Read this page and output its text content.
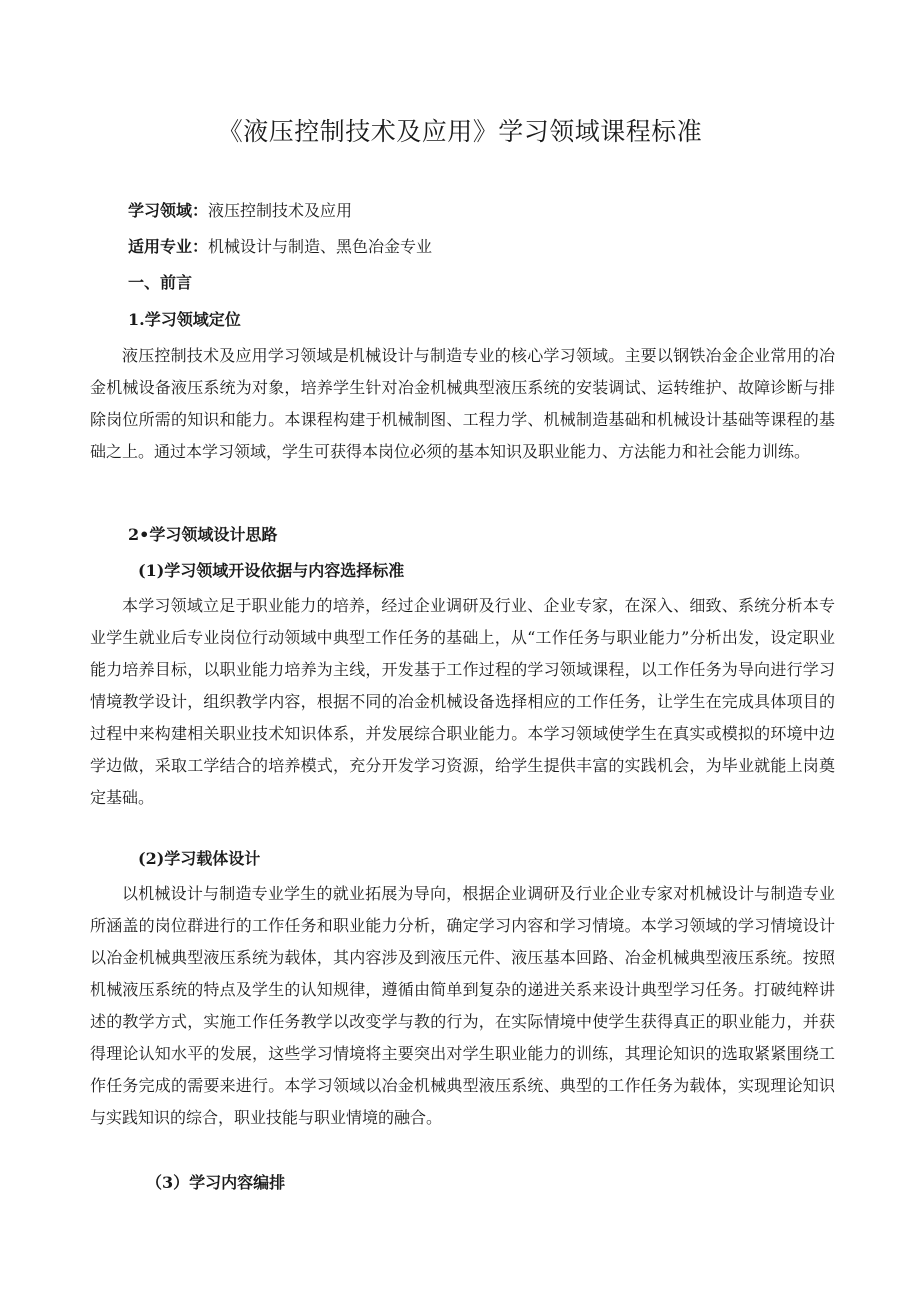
《液压控制技术及应用》学习领域课程标准
学习领域：液压控制技术及应用
适用专业：机械设计与制造、黑色冶金专业
一、前言
1.学习领域定位

液压控制技术及应用学习领域是机械设计与制造专业的核心学习领域。主要以钢铁冶金企业常用的冶金机械设备液压系统为对象，培养学生针对冶金机械典型液压系统的安装调试、运转维护、故障诊断与排除岗位所需的知识和能力。本课程构建于机械制图、工程力学、机械制造基础和机械设计基础等课程的基础之上。通过本学习领域，学生可获得本岗位必须的基本知识及职业能力、方法能力和社会能力训练。

2•学习领域设计思路
(1)学习领域开设依据与内容选择标准

本学习领域立足于职业能力的培养，经过企业调研及行业、企业专家，在深入、细致、系统分析本专业学生就业后专业岗位行动领域中典型工作任务的基础上，从“工作任务与职业能力”分析出发，设定职业能力培养目标，以职业能力培养为主线，开发基于工作过程的学习领域课程，以工作任务为导向进行学习情境教学设计，组织教学内容，根据不同的冶金机械设备选择相应的工作任务，让学生在完成具体项目的过程中来构建相关职业技术知识体系，并发展综合职业能力。本学习领域使学生在真实或模拟的环境中边学边做，采取工学结合的培养模式，充分开发学习资源，给学生提供丰富的实践机会，为毕业就能上岗奠定基础。

(2)学习载体设计

以机械设计与制造专业学生的就业拓展为导向，根据企业调研及行业企业专家对机械设计与制造专业所涵盖的岗位群进行的工作任务和职业能力分析，确定学习内容和学习情境。本学习领域的学习情境设计以冶金机械典型液压系统为载体，其内容涉及到液压元件、液压基本回路、冶金机械典型液压系统。按照机械液压系统的特点及学生的认知规律，遵循由简单到复杂的递进关系来设计典型学习任务。打破纯粹讲述的教学方式，实施工作任务教学以改变学与教的行为，在实际情境中使学生获得真正的职业能力，并获得理论认知水平的发展，这些学习情境将主要突出对学生职业能力的训练，其理论知识的选取紧紧围绕工作任务完成的需要来进行。本学习领域以冶金机械典型液压系统、典型的工作任务为载体，实现理论知识与实践知识的综合，职业技能与职业情境的融合。

（3）学习内容编排
